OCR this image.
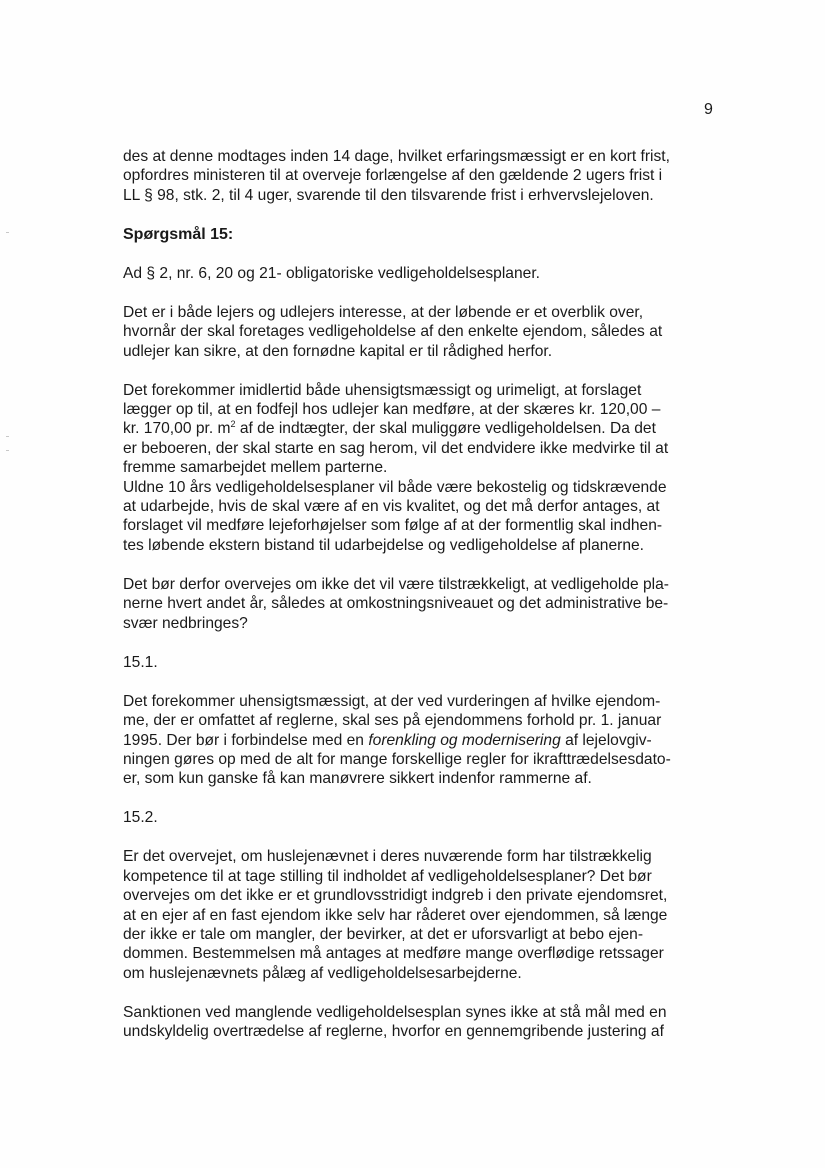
9

des at denne modtages inden 14 dage, hvilket erfaringsmæssigt er en kort frist,
opfordres ministeren til at overveje forlængelse af den gældende 2 ugers frist i
LL § 98, stk. 2, til 4 uger, svarende til den tilsvarende frist i erhvervslejeloven.

Spørgsmål 15:

Ad § 2, nr. 6, 20 og 21- obligatoriske vedligeholdelsesplaner.

Det er i både lejers og udlejers interesse, at der løbende er et overblik over,
hvornår der skal foretages vedligeholdelse af den enkelte ejendom, således at
udlejer kan sikre, at den fornødne kapital er til rådighed herfor.

Det forekommer imidlertid både uhensigtsmæssigt og urimeligt, at forslaget
lægger op til, at en fodfejl hos udlejer kan medføre, at der skæres kr. 120,00 –
kr. 170,00 pr. $m^2$ af de indtægter, der skal muliggøre vedligeholdelsen. Da det
er beboeren, der skal starte en sag herom, vil det endvidere ikke medvirke til at
fremme samarbejdet mellem parterne.

Uldne 10 års vedligeholdelsesplaner vil både være bekostelig og tidskrævende
at udarbejde, hvis de skal være af en vis kvalitet, og det må derfor antages, at
forslaget vil medføre lejeforhøjelser som følge af at der formentlig skal indhen-
tes løbende ekstern bistand til udarbejdelse og vedligeholdelse af planerne.

Det bør derfor overvejes om ikke det vil være tilstrækkeligt, at vedligeholde pla-
nerne hvert andet år, således at omkostningsniveauet og det administrative be-
svær nedbringes?

15.1.

Det forekommer uhensigtsmæssigt, at der ved vurderingen af hvilke ejendom-
me, der er omfattet af reglerne, skal ses på ejendommens forhold pr. 1. januar
1995. Der bør i forbindelse med en forenkling og modernisering af lejelovgiv-
ningen gøres op med de alt for mange forskellige regler for ikrafttrædelsesdato-
er, som kun ganske få kan manøvrere sikkert indenfor rammerne af.

15.2.

Er det overvejet, om huslejenævnet i deres nuværende form har tilstrækkelig
kompetence til at tage stilling til indholdet af vedligeholdelsesplaner? Det bør
overvejes om det ikke er et grundlovsstridigt indgreb i den private ejendomsret,
at en ejer af en fast ejendom ikke selv har råderet over ejendommen, så længe
der ikke er tale om mangler, der bevirker, at det er uforsvarligt at bebo ejen-
dommen. Bestemmelsen må antages at medføre mange overflødige retssager
om huslejenævnets pålæg af vedligeholdelsesarbejderne.

Sanktionen ved manglende vedligeholdelsesplan synes ikke at stå mål med en
undskyldelig overtrædelse af reglerne, hvorfor en gennemgribende justering af
